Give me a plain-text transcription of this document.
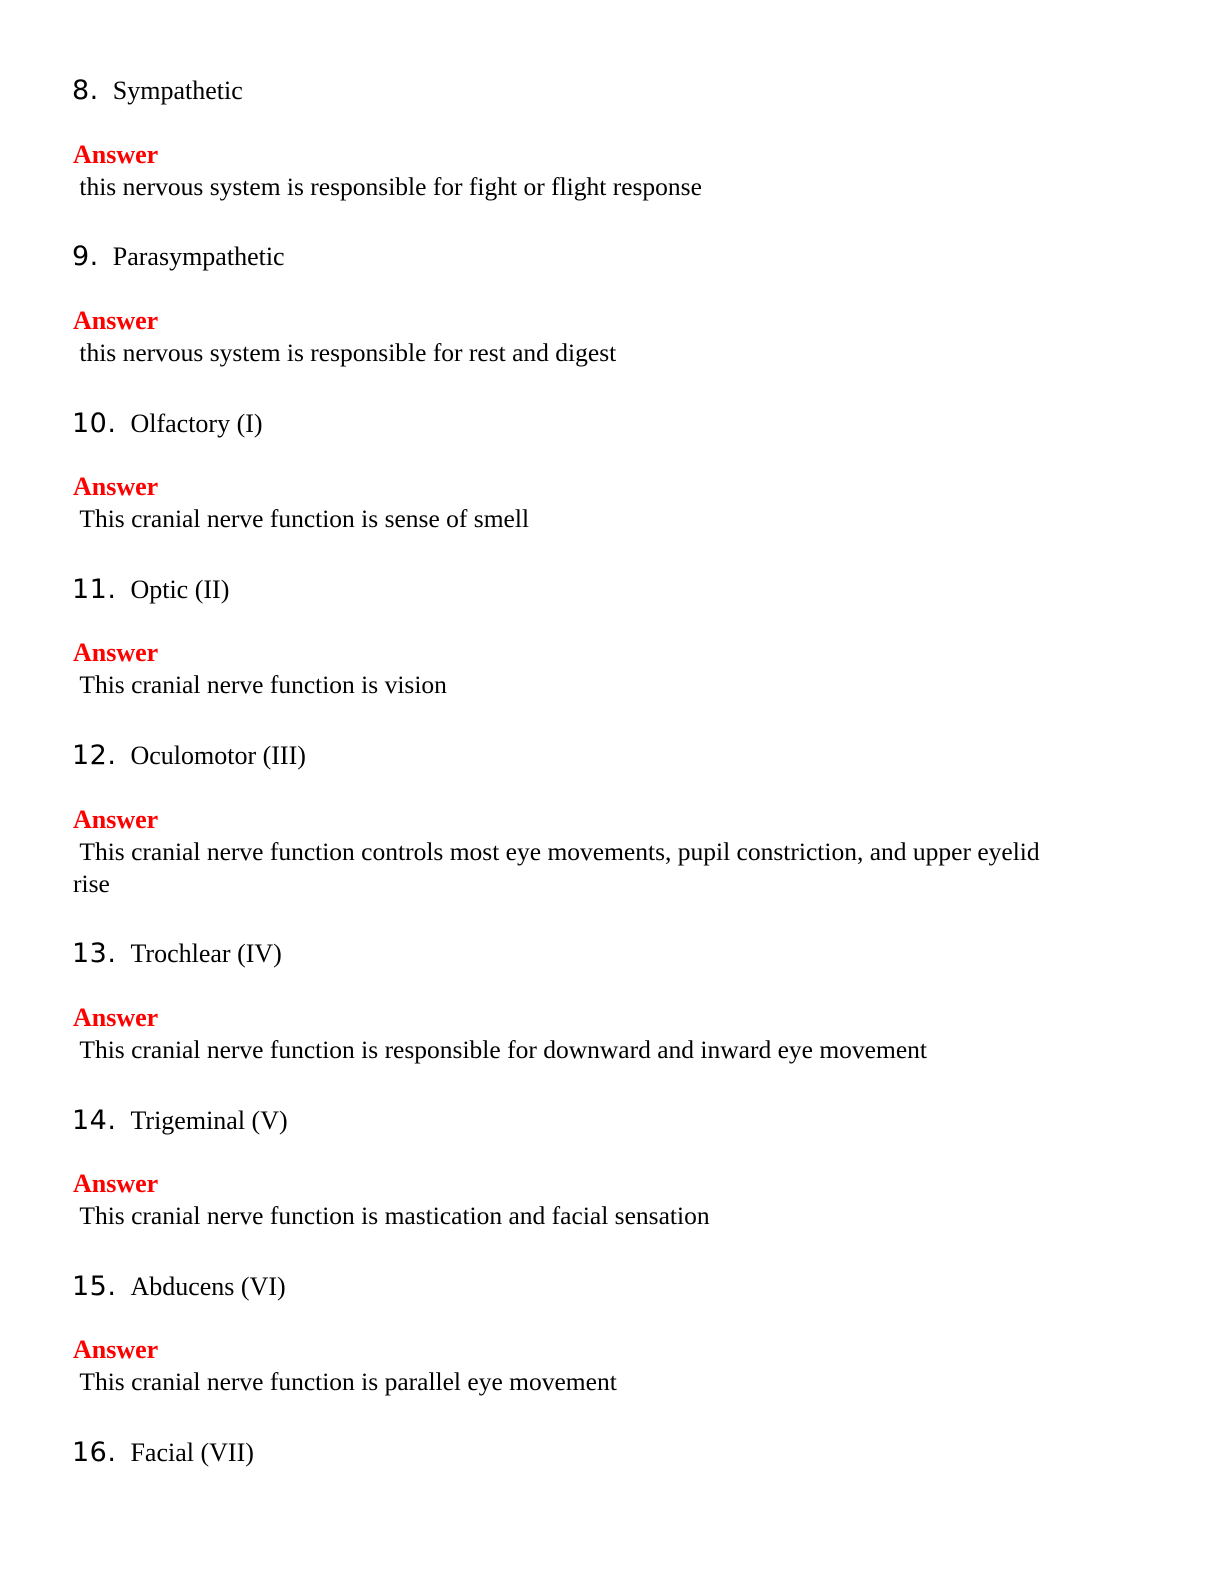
8. Sympathetic
Answer
this nervous system is responsible for fight or flight response
9. Parasympathetic
Answer
this nervous system is responsible for rest and digest
10. Olfactory (I)
Answer
This cranial nerve function is sense of smell
11. Optic (II)
Answer
This cranial nerve function is vision
12. Oculomotor (III)
Answer
This cranial nerve function controls most eye movements, pupil constriction, and upper eyelid
rise
13. Trochlear (IV)
Answer
This cranial nerve function is responsible for downward and inward eye movement
14. Trigeminal (V)
Answer
This cranial nerve function is mastication and facial sensation
15. Abducens (VI)
Answer
This cranial nerve function is parallel eye movement
16. Facial (VII)
